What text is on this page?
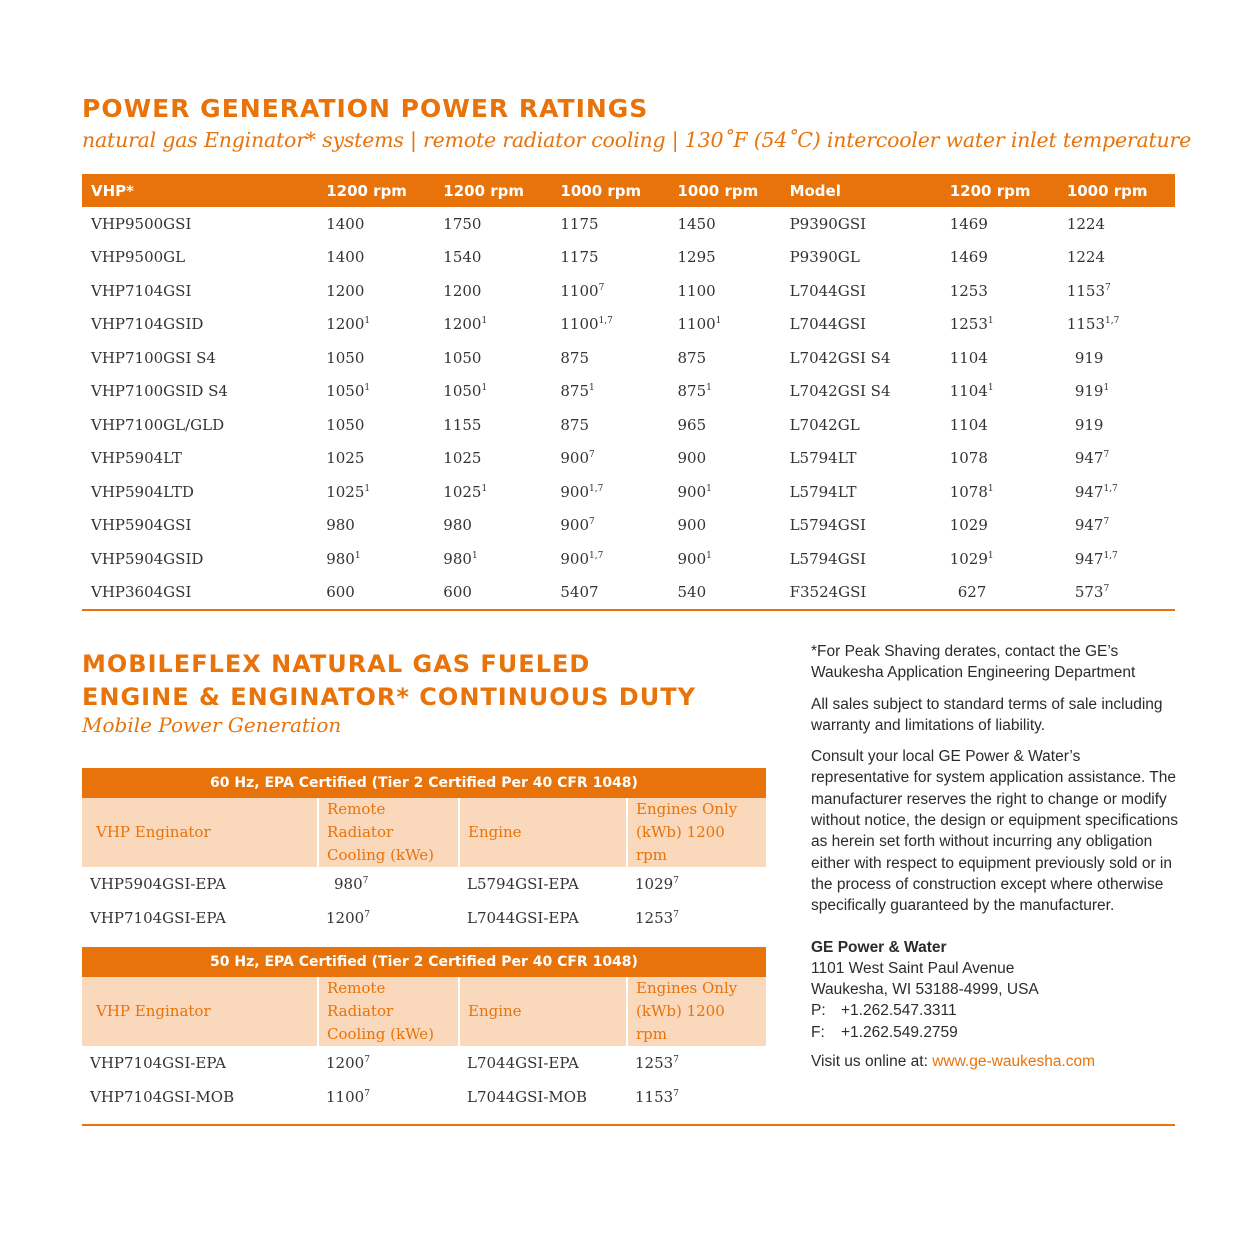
POWER GENERATION POWER RATINGS
natural gas Enginator* systems | remote radiator cooling | 130˚F (54˚C) intercooler water inlet temperature
VHP*	1200 rpm	1200 rpm	1000 rpm	1000 rpm	Model	1200 rpm	1000 rpm
VHP9500GSI	1400	1750	1175	1450	P9390GSI	1469	1224
VHP9500GL	1400	1540	1175	1295	P9390GL	1469	1224
VHP7104GSI	1200	1200	1100$^7$	1100	L7044GSI	1253	1153$^7$
VHP7104GSID	1200$^1$	1200$^1$	1100$^{1,7}$	1100$^1$	L7044GSI	1253$^1$	1153$^{1,7}$
VHP7100GSI S4	1050	1050	875	875	L7042GSI S4	1104	919
VHP7100GSID S4	1050$^1$	1050$^1$	$875^1$	$875^1$	L7042GSI S4	1104$^1$	$919^1$
VHP7100GL/GLD	1050	1155	875	965	L7042GL	1104	919
VHP5904LT	1025	1025	$900^7$	900	L5794LT	1078	$947^7$
VHP5904LTD	1025$^1$	1025$^1$	900$^{1,7}$	$900^1$	L5794LT	1078$^1$	947$^{1,7}$
VHP5904GSI	980	980	$900^7$	900	L5794GSI	1029	$947^7$
VHP5904GSID	$980^1$	$980^1$	900$^{1,7}$	$900^1$	L5794GSI	1029$^1$	947$^{1,7}$
VHP3604GSI	600	600	5407	540	F3524GSI	627	$573^7$
MOBILEFLEX NATURAL GAS FUELED
ENGINE & ENGINATOR* CONTINUOUS DUTY
Mobile Power Generation
60 Hz, EPA Certified (Tier 2 Certified Per 40 CFR 1048)			
VHP Enginator	Remote Radiator Cooling (kWe)	Engine	Engines Only (kWb) 1200 rpm
VHP5904GSI-EPA	$980^7$	L5794GSI-EPA	1029$^7$
VHP7104GSI-EPA	1200$^7$	L7044GSI-EPA	1253$^7$
50 Hz, EPA Certified (Tier 2 Certified Per 40 CFR 1048)			
VHP Enginator	Remote Radiator Cooling (kWe)	Engine	Engines Only (kWb) 1200 rpm
VHP7104GSI-EPA	1200$^7$	L7044GSI-EPA	1253$^7$
VHP7104GSI-MOB	1100$^7$	L7044GSI-MOB	1153$^7$

*For Peak Shaving derates, contact the GE’s Waukesha Application Engineering Department

All sales subject to standard terms of sale including warranty and limitations of liability.

Consult your local GE Power & Water’s representative for system application assistance. The manufacturer reserves the right to change or modify without notice, the design or equipment specifications as herein set forth without incurring any obligation either with respect to equipment previously sold or in the process of construction except where otherwise specifically guaranteed by the manufacturer.

GE Power & Water

1101 West Saint Paul Avenue

Waukesha, WI 53188-4999, USA

P: +1.262.547.3311

F: +1.262.549.2759

Visit us online at: www.ge-waukesha.com
